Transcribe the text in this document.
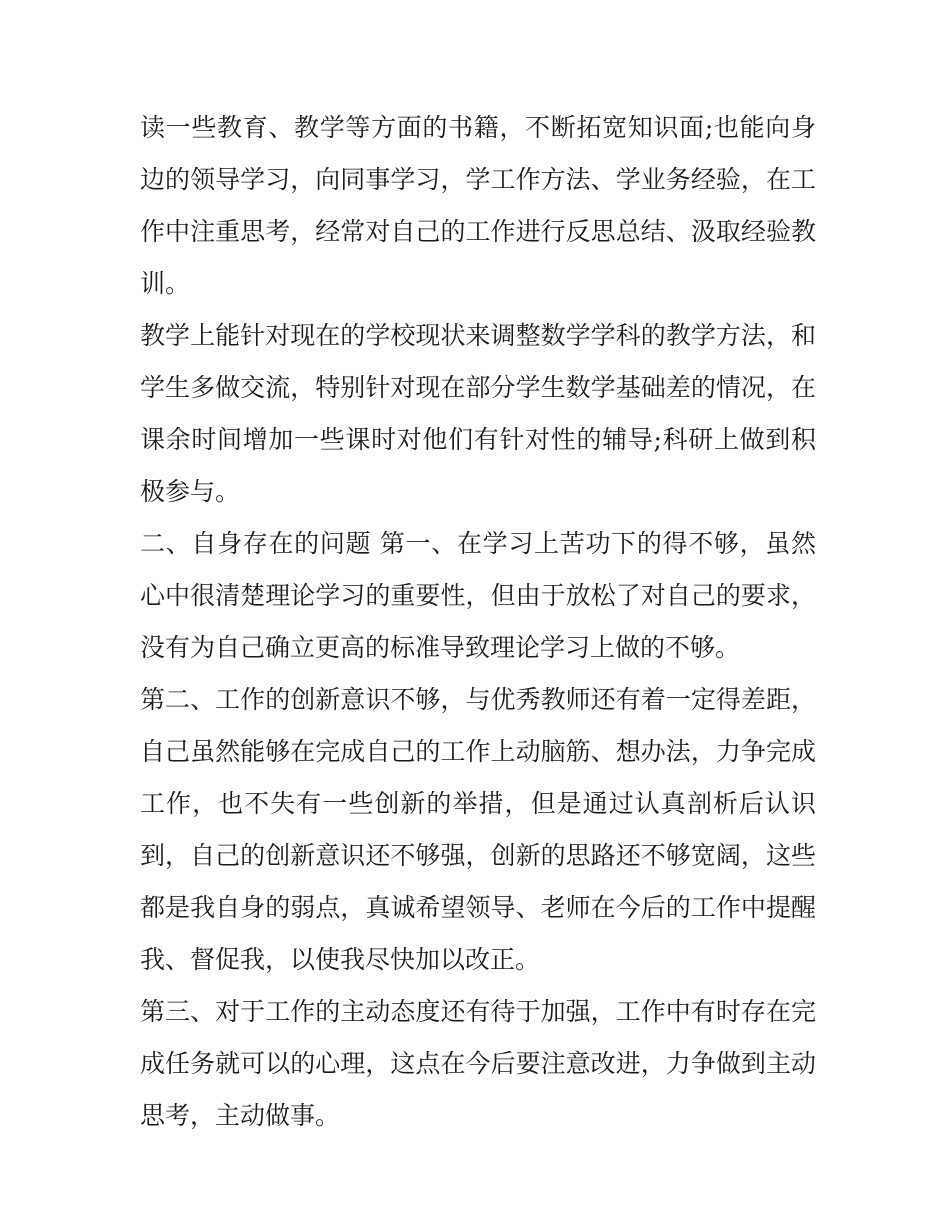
读一些教育、教学等方面的书籍，不断拓宽知识面;也能向身边的领导学习，向同事学习，学工作方法、学业务经验，在工作中注重思考，经常对自己的工作进行反思总结、汲取经验教训。

教学上能针对现在的学校现状来调整数学学科的教学方法，和学生多做交流，特别针对现在部分学生数学基础差的情况，在课余时间增加一些课时对他们有针对性的辅导;科研上做到积极参与。

二、自身存在的问题 第一、在学习上苦功下的得不够，虽然心中很清楚理论学习的重要性，但由于放松了对自己的要求，没有为自己确立更高的标准导致理论学习上做的不够。

第二、工作的创新意识不够，与优秀教师还有着一定得差距，自己虽然能够在完成自己的工作上动脑筋、想办法，力争完成工作，也不失有一些创新的举措，但是通过认真剖析后认识到，自己的创新意识还不够强，创新的思路还不够宽阔，这些都是我自身的弱点，真诚希望领导、老师在今后的工作中提醒我、督促我，以使我尽快加以改正。

第三、对于工作的主动态度还有待于加强，工作中有时存在完成任务就可以的心理，这点在今后要注意改进，力争做到主动思考，主动做事。
